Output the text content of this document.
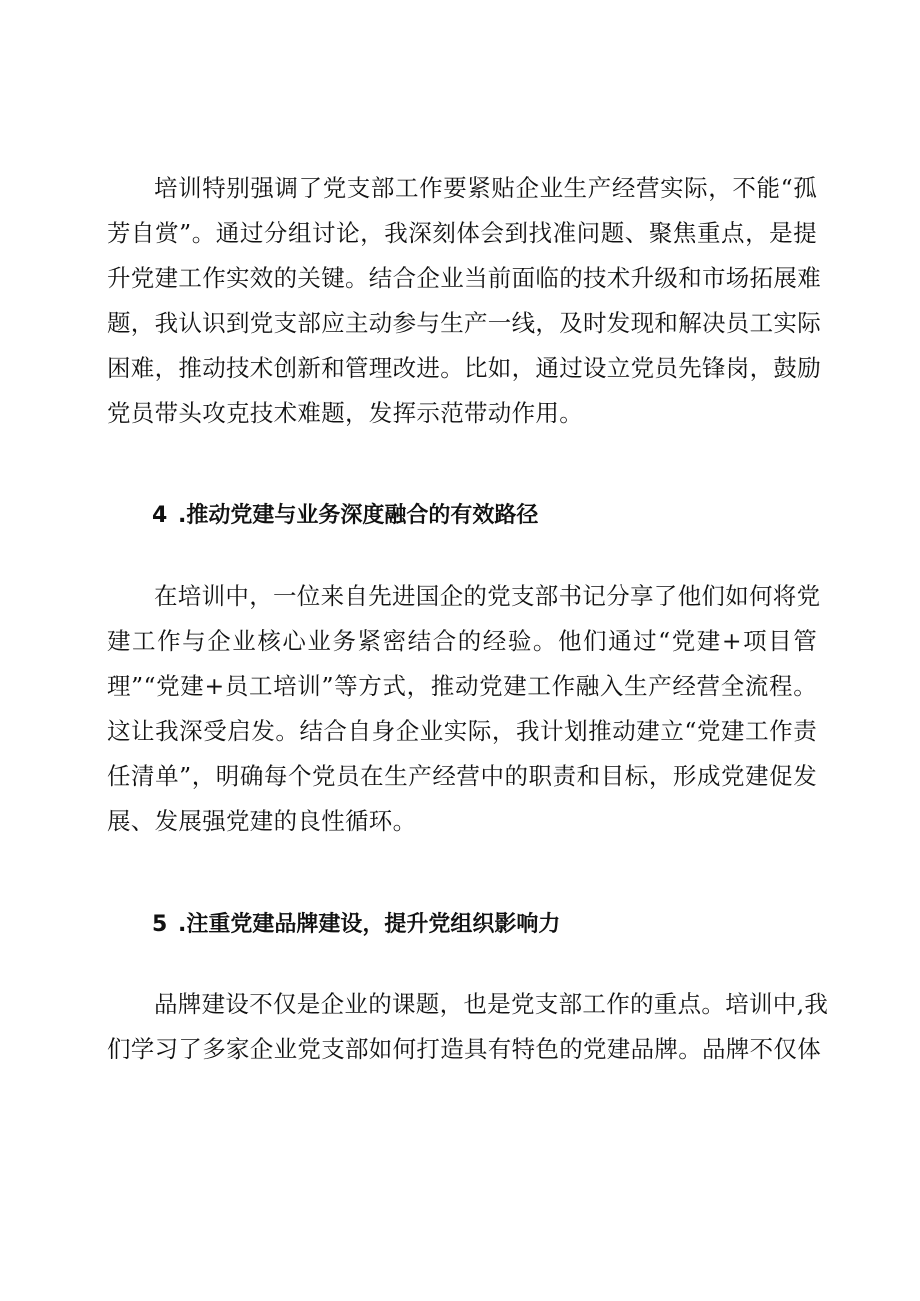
培训特别强调了党支部工作要紧贴企业生产经营实际，不能“孤
芳自赏”。通过分组讨论，我深刻体会到找准问题、聚焦重点，是提
升党建工作实效的关键。结合企业当前面临的技术升级和市场拓展难
题，我认识到党支部应主动参与生产一线，及时发现和解决员工实际
困难，推动技术创新和管理改进。比如，通过设立党员先锋岗，鼓励
党员带头攻克技术难题，发挥示范带动作用。
4 .推动党建与业务深度融合的有效路径
在培训中，一位来自先进国企的党支部书记分享了他们如何将党
建工作与企业核心业务紧密结合的经验。他们通过“党建+项目管
理”“党建+员工培训”等方式，推动党建工作融入生产经营全流程。
这让我深受启发。结合自身企业实际，我计划推动建立“党建工作责
任清单”，明确每个党员在生产经营中的职责和目标，形成党建促发
展、发展强党建的良性循环。
5 .注重党建品牌建设，提升党组织影响力
品牌建设不仅是企业的课题，也是党支部工作的重点。培训中,我
们学习了多家企业党支部如何打造具有特色的党建品牌。品牌不仅体
